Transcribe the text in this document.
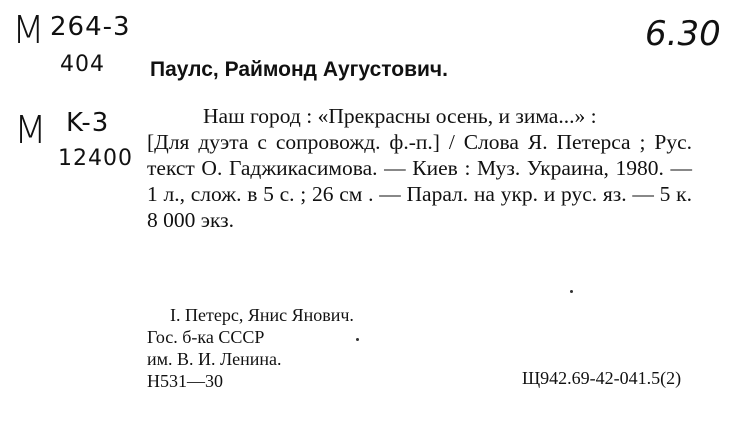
M 264-3
404
M K-3
12400
6.30
Паулс, Раймонд Аугустович.

Наш город : «Прекрасны осень, и зима...» :
[Для дуэта с сопровожд. ф.-п.] / Слова Я. Петерса ; Рус. текст О. Гаджикасимова. — Киев : Муз. Украина, 1980. — 1 л., слож. в 5 с. ; 26 см . — Парал. на укр. и рус. яз. — 5 к. 8 000 экз.

I. Петерс, Янис Янович.
Гос. б-ка СССР
им. В. И. Ленина.
Н531—30	Щ942.69-42-041.5(2)
